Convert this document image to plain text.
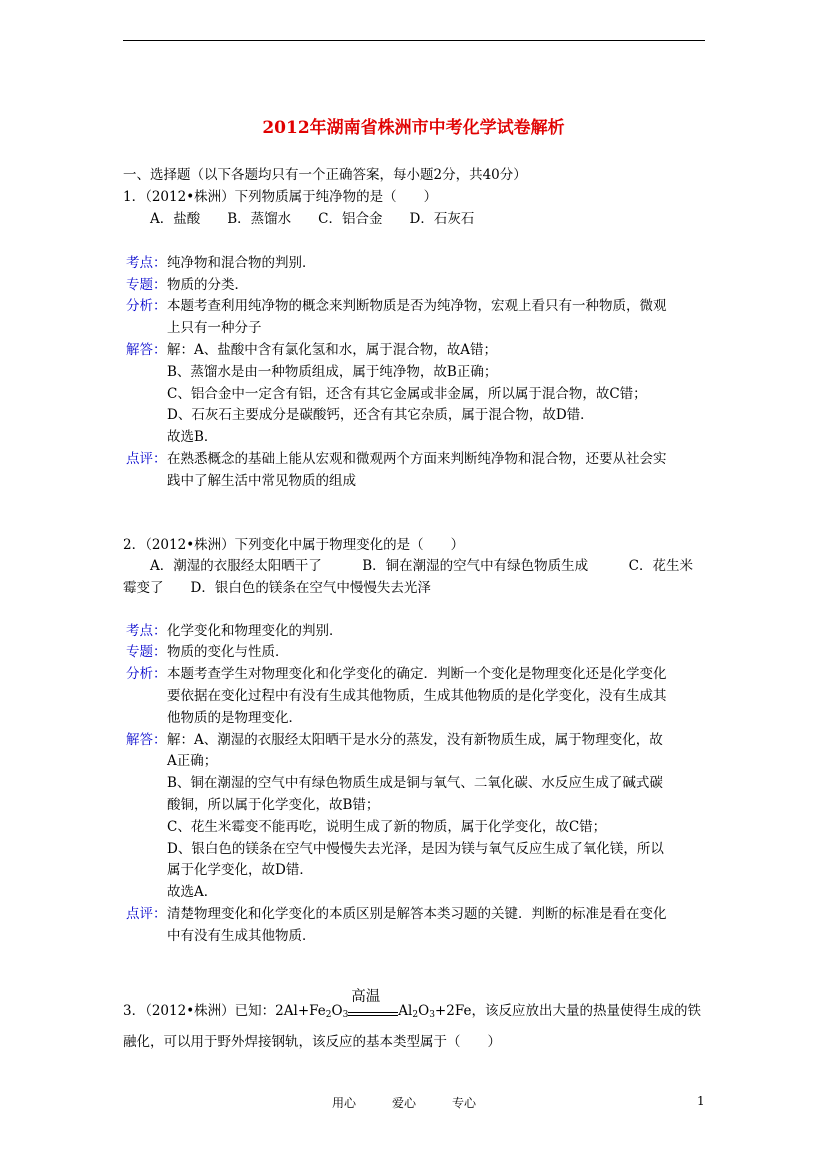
2012年湖南省株洲市中考化学试卷解析
一、选择题（以下各题均只有一个正确答案，每小题2分，共40分）
1．（2012•株洲）下列物质属于纯净物的是（　　）
A．盐酸　　B．蒸馏水　　C．铝合金　　D．石灰石
考点： 纯净物和混合物的判别．
专题： 物质的分类．
分析： 本题考查利用纯净物的概念来判断物质是否为纯净物，宏观上看只有一种物质，微观
上只有一种分子
解答： 解：A、盐酸中含有氯化氢和水，属于混合物，故A错；
B、蒸馏水是由一种物质组成，属于纯净物，故B正确；
C、铝合金中一定含有铝，还含有其它金属或非金属，所以属于混合物，故C错；
D、石灰石主要成分是碳酸钙，还含有其它杂质，属于混合物，故D错．
故选B．
点评： 在熟悉概念的基础上能从宏观和微观两个方面来判断纯净物和混合物，还要从社会实
践中了解生活中常见物质的组成
2．（2012•株洲）下列变化中属于物理变化的是（　　）
A．潮湿的衣服经太阳晒干了　　　B．铜在潮湿的空气中有绿色物质生成　　　C．花生米
霉变了　　D．银白色的镁条在空气中慢慢失去光泽
考点： 化学变化和物理变化的判别．
专题： 物质的变化与性质．
分析： 本题考查学生对物理变化和化学变化的确定．判断一个变化是物理变化还是化学变化
要依据在变化过程中有没有生成其他物质，生成其他物质的是化学变化，没有生成其
他物质的是物理变化．
解答： 解：A、潮湿的衣服经太阳晒干是水分的蒸发，没有新物质生成，属于物理变化，故
A正确；
B、铜在潮湿的空气中有绿色物质生成是铜与氧气、二氧化碳、水反应生成了碱式碳
酸铜，所以属于化学变化，故B错；
C、花生米霉变不能再吃，说明生成了新的物质，属于化学变化，故C错；
D、银白色的镁条在空气中慢慢失去光泽，是因为镁与氧气反应生成了氧化镁，所以
属于化学变化，故D错．
故选A．
点评： 清楚物理变化和化学变化的本质区别是解答本类习题的关键．判断的标准是看在变化
中有没有生成其他物质．
3．（2012•株洲）已知：$2Al+Fe_2O_3$
高温
$Al_2O_3+2Fe$，该反应放出大量的热量使得生成的铁
融化，可以用于野外焊接钢轨，该反应的基本类型属于（　　）
用心　　　爱心　　　专心	1
